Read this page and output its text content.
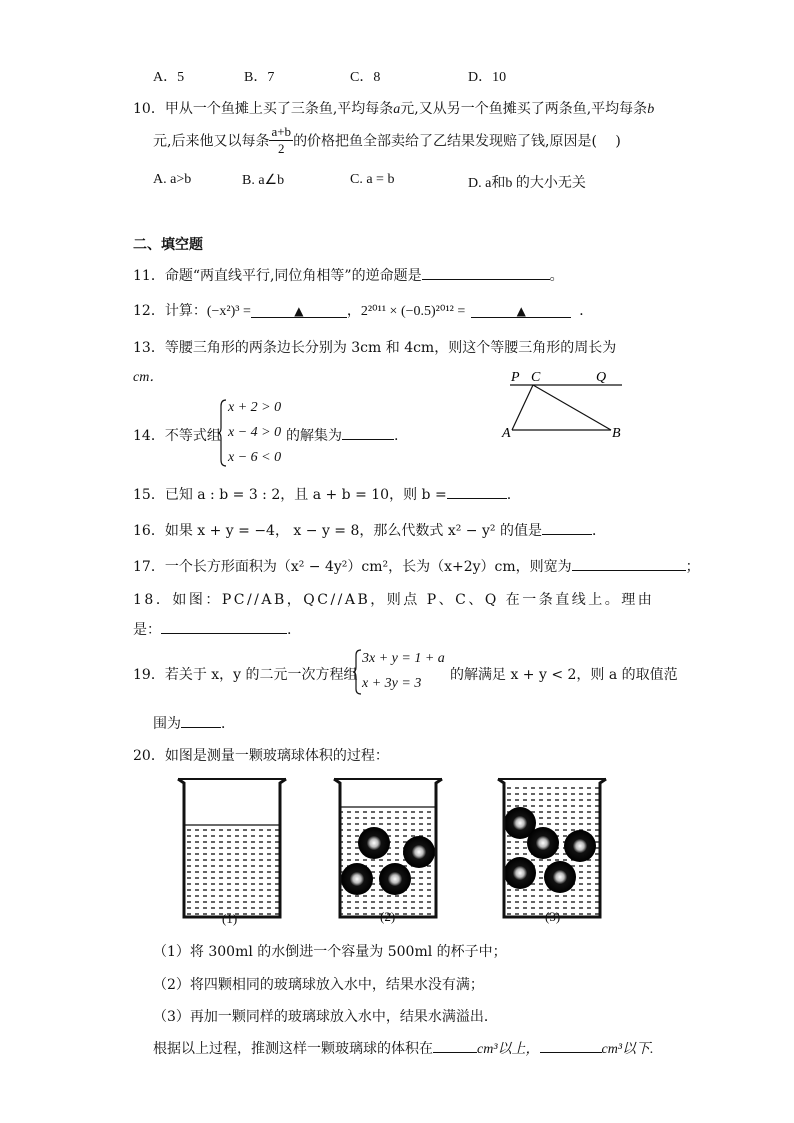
A．5	B．7	C．8	D．10
10．甲从一个鱼摊上买了三条鱼,平均每条a元,又从另一个鱼摊买了两条鱼,平均每条b
元,后来他又以每条 $\frac{a+b}{2}$ 的价格把鱼全部卖给了乙结果发现赔了钱,原因是(　 )
A. a>b	B. a∠b	C. a = b	D. a和b 的大小无关
二、填空题
11．命题“两直线平行,同位角相等”的逆命题是	。
12．计算：(−x²)³ =	▲	，2²⁰¹¹ × (−0.5)²⁰¹² =	▲	．
13．等腰三角形的两条边长分别为 3cm 和 4cm，则这个等腰三角形的周长为
cm．	P C	Q
A	B
14．不等式组
x + 2 > 0
x − 4 > 0
x − 6 < 0
的解集为	.
15．已知 a : b = 3 : 2，且 a + b = 10，则 b =	.
16．如果 x + y = −4， x − y = 8，那么代数式 x² − y² 的值是	．
17．一个长方形面积为（x² − 4y²）cm²，长为（x+2y）cm，则宽为	；
18．如图：PC//AB，QC//AB，则点 P、C、Q 在一条直线上。理由
是：	.
19．若关于 x，y 的二元一次方程组
3x + y = 1 + a
x + 3y = 3
的解满足 x + y < 2，则 a 的取值范
围为	．
20．如图是测量一颗玻璃球体积的过程：
(1)	(2)	(3)
（1）将 300ml 的水倒进一个容量为 500ml 的杯子中；
（2）将四颗相同的玻璃球放入水中，结果水没有满；
（3）再加一颗同样的玻璃球放入水中，结果水满溢出．
根据以上过程，推测这样一颗玻璃球的体积在	cm³以上，	cm³以下.
